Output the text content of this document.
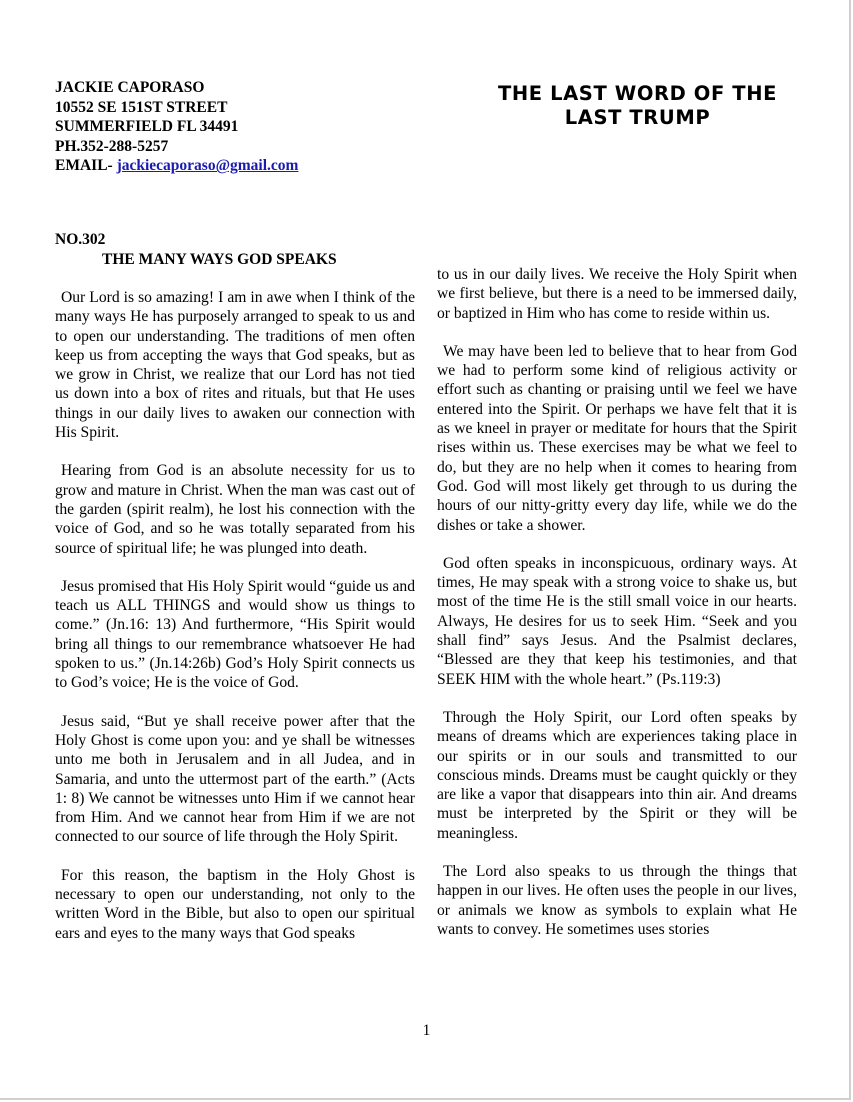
JACKIE CAPORASO
10552 SE 151ST STREET
SUMMERFIELD FL 34491
PH.352-288-5257
EMAIL- jackiecaporaso@gmail.com
THE LAST WORD OF THE
LAST TRUMP
NO.302
THE MANY WAYS GOD SPEAKS

Our Lord is so amazing! I am in awe when I think of the many ways He has purposely arranged to speak to us and to open our understanding. The traditions of men often keep us from accepting the ways that God speaks, but as we grow in Christ, we realize that our Lord has not tied us down into a box of rites and rituals, but that He uses things in our daily lives to awaken our connection with His Spirit.

Hearing from God is an absolute necessity for us to grow and mature in Christ. When the man was cast out of the garden (spirit realm), he lost his connection with the voice of God, and so he was totally separated from his source of spiritual life; he was plunged into death.

Jesus promised that His Holy Spirit would “guide us and teach us ALL THINGS and would show us things to come.” (Jn.16: 13) And furthermore, “His Spirit would bring all things to our remembrance whatsoever He had spoken to us.” (Jn.14:26b) God’s Holy Spirit connects us to God’s voice; He is the voice of God.

Jesus said, “But ye shall receive power after that the Holy Ghost is come upon you: and ye shall be witnesses unto me both in Jerusalem and in all Judea, and in Samaria, and unto the uttermost part of the earth.” (Acts 1: 8) We cannot be witnesses unto Him if we cannot hear from Him. And we cannot hear from Him if we are not connected to our source of life through the Holy Spirit.

For this reason, the baptism in the Holy Ghost is necessary to open our understanding, not only to the written Word in the Bible, but also to open our spiritual ears and eyes to the many ways that God speaks

to us in our daily lives. We receive the Holy Spirit when we first believe, but there is a need to be immersed daily, or baptized in Him who has come to reside within us.

We may have been led to believe that to hear from God we had to perform some kind of religious activity or effort such as chanting or praising until we feel we have entered into the Spirit. Or perhaps we have felt that it is as we kneel in prayer or meditate for hours that the Spirit rises within us. These exercises may be what we feel to do, but they are no help when it comes to hearing from God. God will most likely get through to us during the hours of our nitty-gritty every day life, while we do the dishes or take a shower.

God often speaks in inconspicuous, ordinary ways. At times, He may speak with a strong voice to shake us, but most of the time He is the still small voice in our hearts. Always, He desires for us to seek Him. “Seek and you shall find” says Jesus. And the Psalmist declares, “Blessed are they that keep his testimonies, and that SEEK HIM with the whole heart.” (Ps.119:3)

Through the Holy Spirit, our Lord often speaks by means of dreams which are experiences taking place in our spirits or in our souls and transmitted to our conscious minds. Dreams must be caught quickly or they are like a vapor that disappears into thin air. And dreams must be interpreted by the Spirit or they will be meaningless.

The Lord also speaks to us through the things that happen in our lives. He often uses the people in our lives, or animals we know as symbols to explain what He wants to convey. He sometimes uses stories

1
